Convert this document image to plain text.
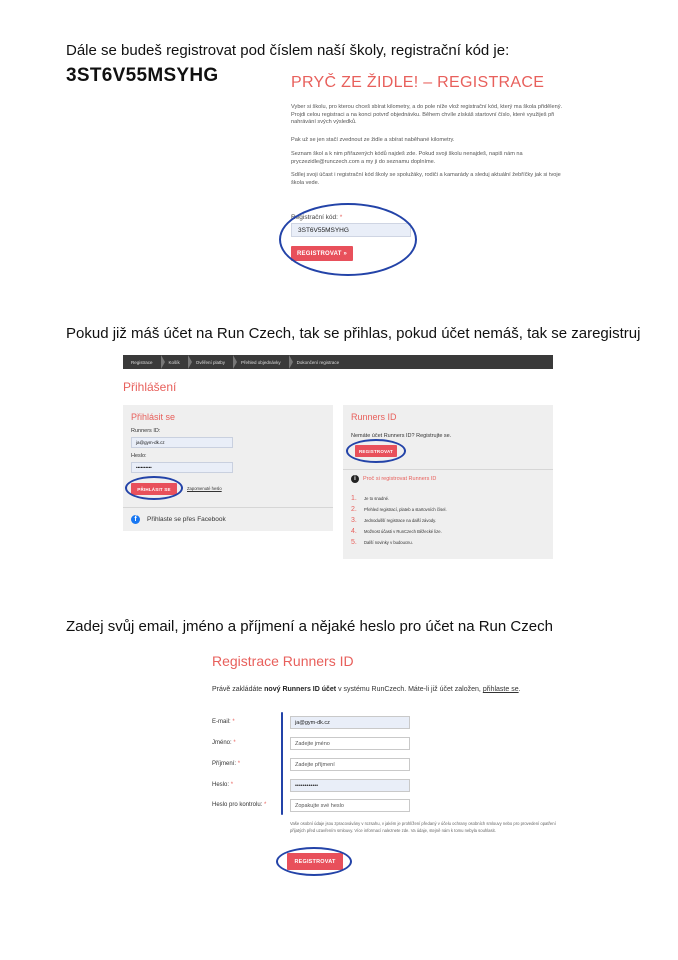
Dále se budeš registrovat pod číslem naší školy, registrační kód je:
3ST6V55MSYHG	PRYČ ZE ŽIDLE! – REGISTRACE
Vyber si školu, pro kterou chceš sbírat kilometry, a do pole níže vlož registrační kód, který ma škola přidělený. Projdi celou registraci a na konci potvrď objednávku. Během chvíle získáš startovní číslo, které využiješ při nahrávání svých výsledků.
Pak už se jen stačí zvednout ze židle a sbírat naběhané kilometry.
Seznam škol a k nim přiřazených kódů najdeš zde. Pokud svoji školu nenajdeš, napiš nám na pryczezidle@runczech.com a my ji do seznamu doplníme.
Sdílej svoji účast i registrační kód školy se spolužáky, rodiči a kamarády a sleduj aktuální žebříčky jak si tvoje škola vede.
Registrační kód: *
3ST6V55MSYHG
REGISTROVAT »
Pokud již máš účet na Run Czech, tak se přihlas, pokud účet nemáš, tak se zaregistruj
Registrace	Košík	Ověření platby	Přehled objednávky	Dokončení registrace
Přihlášení
Přihlásit se
Runners ID:
ja@gym-dk.cz
Heslo:
••••••••••
PŘIHLÁSIT SE	Zapomenuté heslo
f	Přihlaste se přes Facebook
Runners ID
Nemáte účet Runners ID? Registrujte se.
REGISTROVAT
i	Proč si registrovat Runners ID
1.	Je to snadné.
2.	Přehled registrací, plateb a startovních čísel.
3.	Jednodušší registrace na další závody.
4.	Možnost účasti v RunCzech Běžecké lize.
5.	Další novinky v budoucnu.
Zadej svůj email, jméno a příjmení a nějaké heslo pro účet na Run Czech
Registrace Runners ID
Právě zakládáte nový Runners ID účet v systému RunCzech. Máte-li již účet založen, přihlaste se.
E-mail: *	ja@gym-dk.cz
Jméno: *	Zadejte jméno
Příjmení: *	Zadejte příjmení
Heslo: *	••••••••••••
Heslo pro kontrolu: *	Zopakujte své heslo
Vaše osobní údaje jsou zpracovávány v rozsahu, v jakém je prohlížení předaný v účelu ochrany osobních smlouvy nebo pro provedení opatření přijatých před uzavřením smlouvy. Více informací naleznete zde. Va údaje, stejně nám k tomu nebyla souhlasit.
REGISTROVAT
